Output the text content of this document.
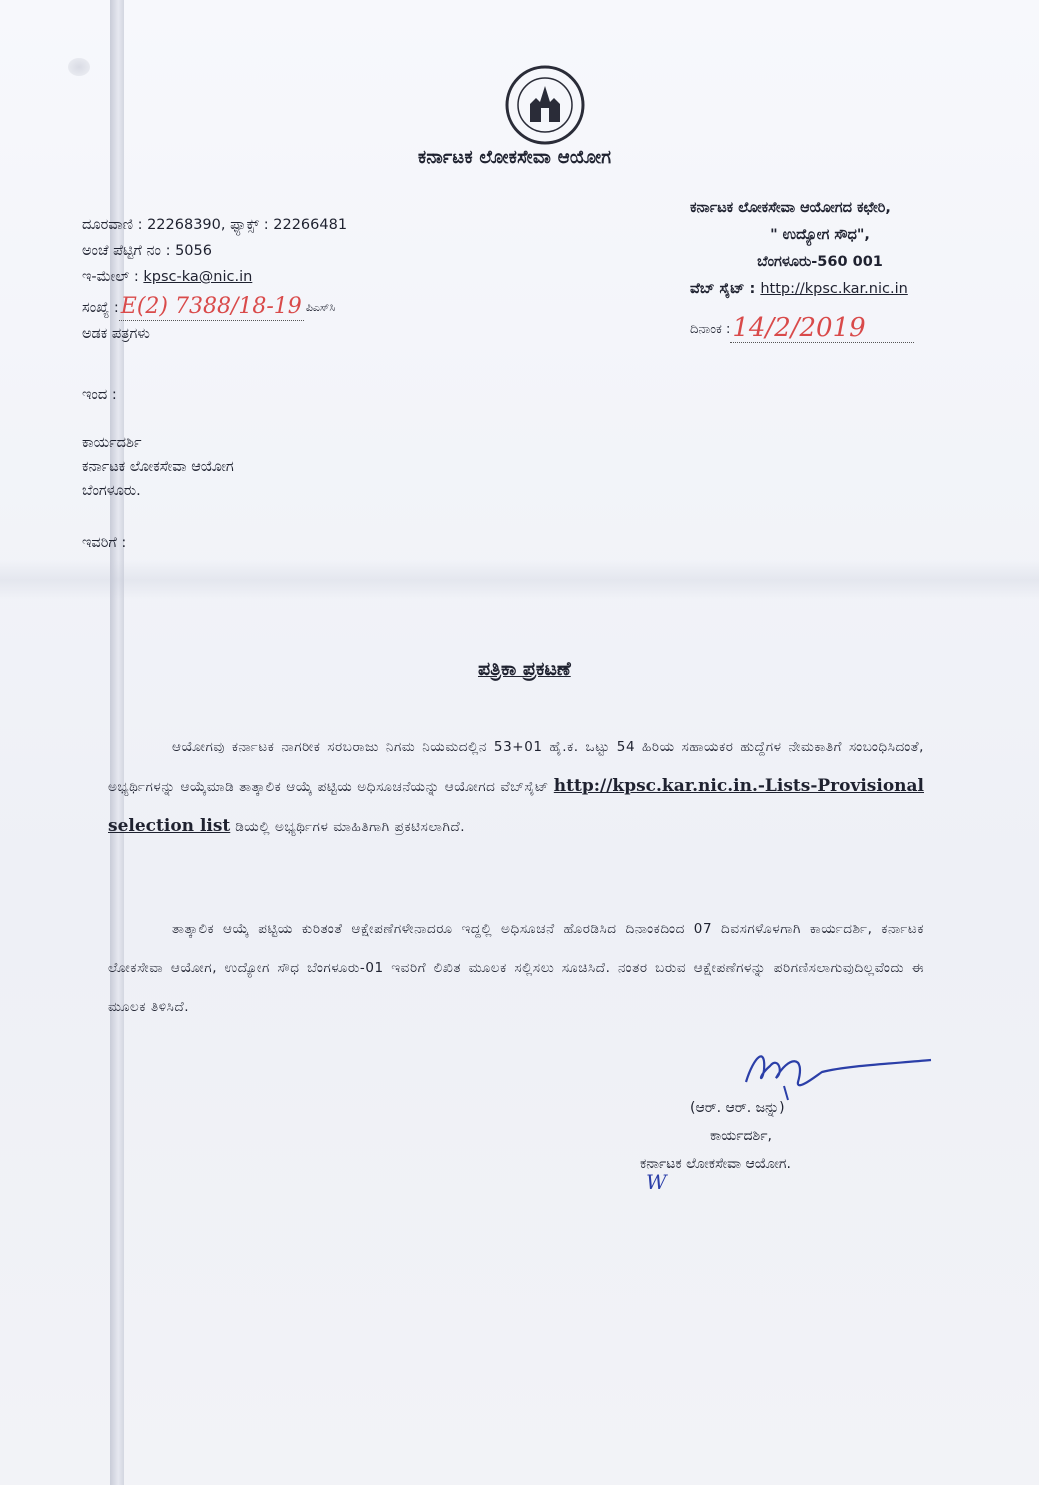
ಕರ್ನಾಟಕ ಲೋಕಸೇವಾ ಆಯೋಗ
ದೂರವಾಣಿ : 22268390, ಫ್ಯಾಕ್ಸ್ : 22266481
ಅಂಚೆ ಪೆಟ್ಟಿಗೆ ನಂ : 5056
ಇ-ಮೇಲ್ : kpsc-ka@nic.in
ಸಂಖ್ಯೆ : E(2) 7388/18-19 ಪಿಎಸ್‌ಸಿ
ಅಡಕ ಪತ್ರಗಳು
ಕರ್ನಾಟಕ ಲೋಕಸೇವಾ ಆಯೋಗದ ಕಛೇರಿ,
" ಉದ್ಯೋಗ ಸೌಧ",
ಬೆಂಗಳೂರು-560 001
ವೆಬ್ ಸೈಟ್ : http://kpsc.kar.nic.in
ದಿನಾಂಕ : 14/2/2019
ಇಂದ :
ಕಾರ್ಯದರ್ಶಿ
ಕರ್ನಾಟಕ ಲೋಕಸೇವಾ ಆಯೋಗ
ಬೆಂಗಳೂರು.
ಇವರಿಗೆ :
ಪತ್ರಿಕಾ ಪ್ರಕಟಣೆ
ಆಯೋಗವು ಕರ್ನಾಟಕ ನಾಗರೀಕ ಸರಬರಾಜು ನಿಗಮ ನಿಯಮದಲ್ಲಿನ 53+01 ಹೈ.ಕ. ಒಟ್ಟು 54 ಹಿರಿಯ ಸಹಾಯಕರ ಹುದ್ದೆಗಳ ನೇಮಕಾತಿಗೆ ಸಂಬಂಧಿಸಿದಂತೆ, ಅಭ್ಯರ್ಥಿಗಳನ್ನು ಆಯ್ಕೆಮಾಡಿ ತಾತ್ಕಾಲಿಕ ಆಯ್ಕೆ ಪಟ್ಟಿಯ ಅಧಿಸೂಚನೆಯನ್ನು ಆಯೋಗದ ವೆಬ್‌ಸೈಟ್ http://kpsc.kar.nic.in.-Lists-Provisional selection list ಡಿಯಲ್ಲಿ ಅಭ್ಯರ್ಥಿಗಳ ಮಾಹಿತಿಗಾಗಿ ಪ್ರಕಟಿಸಲಾಗಿದೆ.
ತಾತ್ಕಾಲಿಕ ಆಯ್ಕೆ ಪಟ್ಟಿಯ ಕುರಿತಂತೆ ಆಕ್ಷೇಪಣೆಗಳೇನಾದರೂ ಇದ್ದಲ್ಲಿ ಅಧಿಸೂಚನೆ ಹೊರಡಿಸಿದ ದಿನಾಂಕದಿಂದ 07 ದಿವಸಗಳೊಳಗಾಗಿ ಕಾರ್ಯದರ್ಶಿ, ಕರ್ನಾಟಕ ಲೋಕಸೇವಾ ಆಯೋಗ, ಉದ್ಯೋಗ ಸೌಧ ಬೆಂಗಳೂರು-01 ಇವರಿಗೆ ಲಿಖಿತ ಮೂಲಕ ಸಲ್ಲಿಸಲು ಸೂಚಿಸಿದೆ. ನಂತರ ಬರುವ ಆಕ್ಷೇಪಣೆಗಳನ್ನು ಪರಿಗಣಿಸಲಾಗುವುದಿಲ್ಲವೆಂದು ಈ ಮೂಲಕ ತಿಳಿಸಿದೆ.
(ಆರ್. ಆರ್. ಜನ್ನು)
ಕಾರ್ಯದರ್ಶಿ,
ಕರ್ನಾಟಕ ಲೋಕಸೇವಾ ಆಯೋಗ.
W
